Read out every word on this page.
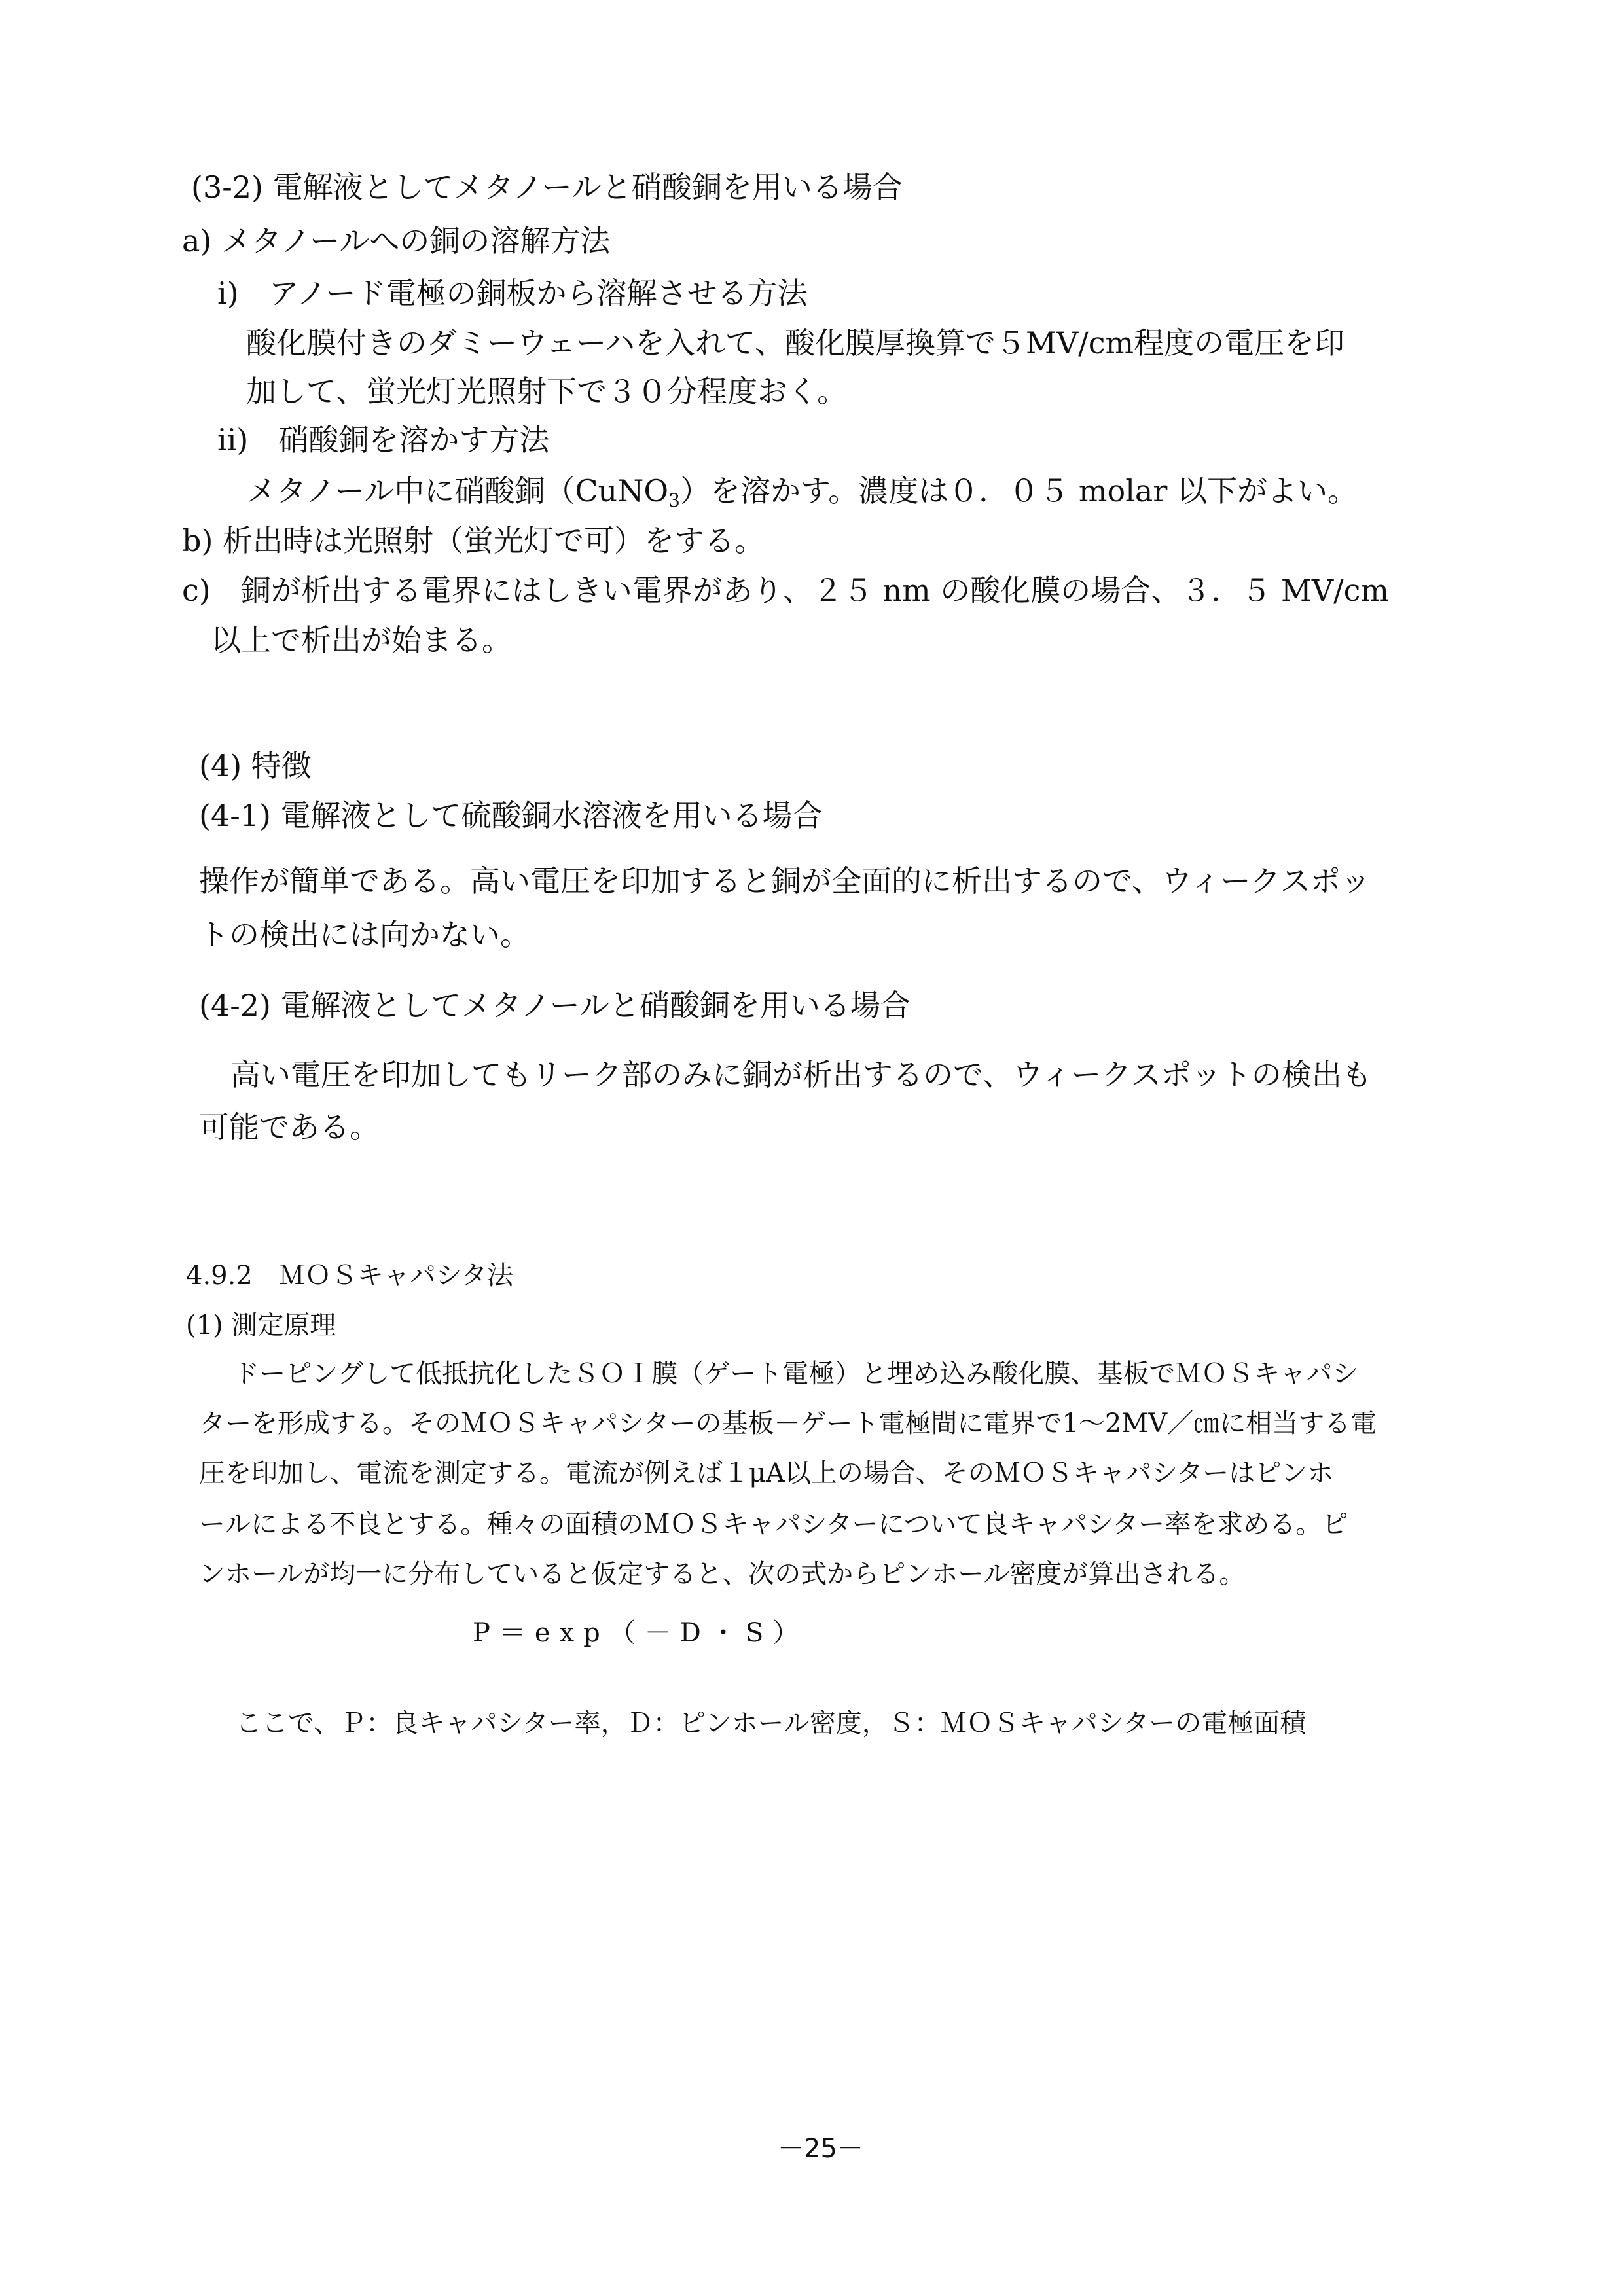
(3-2) 電解液としてメタノールと硝酸銅を用いる場合
a) メタノールへの銅の溶解方法
i)　アノード電極の銅板から溶解させる方法
酸化膜付きのダミーウェーハを入れて、酸化膜厚換算で５MV/cm程度の電圧を印
加して、蛍光灯光照射下で３０分程度おく。
ii)　硝酸銅を溶かす方法
メタノール中に硝酸銅（CuNO$_3$）を溶かす。濃度は０．０５ molar 以下がよい。
b) 析出時は光照射（蛍光灯で可）をする。
c)　銅が析出する電界にはしきい電界があり、２５ nm の酸化膜の場合、３．５ MV/cm
以上で析出が始まる。
(4) 特徴
(4-1) 電解液として硫酸銅水溶液を用いる場合
操作が簡単である。高い電圧を印加すると銅が全面的に析出するので、ウィークスポッ
トの検出には向かない。
(4-2) 電解液としてメタノールと硝酸銅を用いる場合
高い電圧を印加してもリーク部のみに銅が析出するので、ウィークスポットの検出も
可能である。
4.9.2　ＭＯＳキャパシタ法
(1) 測定原理
ドーピングして低抵抗化したＳＯＩ膜（ゲート電極）と埋め込み酸化膜、基板でＭＯＳキャパシ
ターを形成する。そのＭＯＳキャパシターの基板－ゲート電極間に電界で1～2MV／㎝に相当する電
圧を印加し、電流を測定する。電流が例えば１μA以上の場合、そのＭＯＳキャパシターはピンホ
ールによる不良とする。種々の面積のＭＯＳキャパシターについて良キャパシター率を求める。ピ
ンホールが均一に分布していると仮定すると、次の式からピンホール密度が算出される。
P＝exp（－D・S）
ここで、Ｐ：良キャパシター率，Ｄ：ピンホール密度，Ｓ：ＭＯＳキャパシターの電極面積
－25－
